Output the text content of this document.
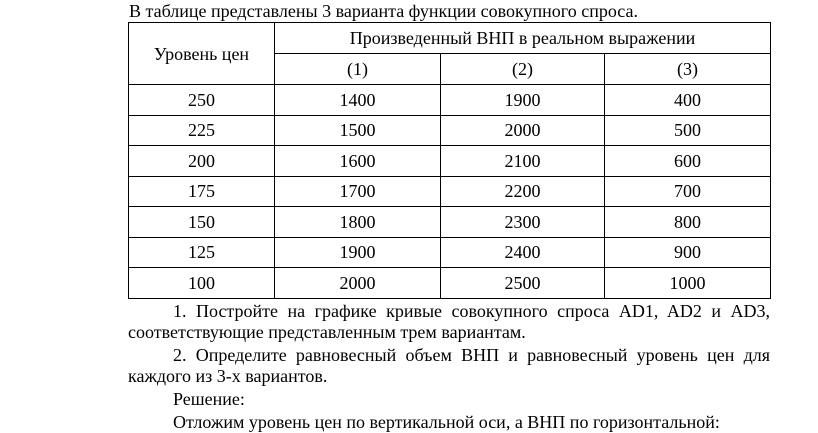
В таблице представлены 3 варианта функции совокупного спроса.

Уровень цен	Произведенный ВНП в реальном выражении		
	(1)	(2)	(3)
250	1400	1900	400
225	1500	2000	500
200	1600	2100	600
175	1700	2200	700
150	1800	2300	800
125	1900	2400	900
100	2000	2500	1000

1. Постройте на графике кривые совокупного спроса AD1, AD2 и AD3,

соответствующие представленным трем вариантам.

2. Определите равновесный объем ВНП и равновесный уровень цен для

каждого из 3-х вариантов.

Решение:

Отложим уровень цен по вертикальной оси, а ВНП по горизонтальной:
